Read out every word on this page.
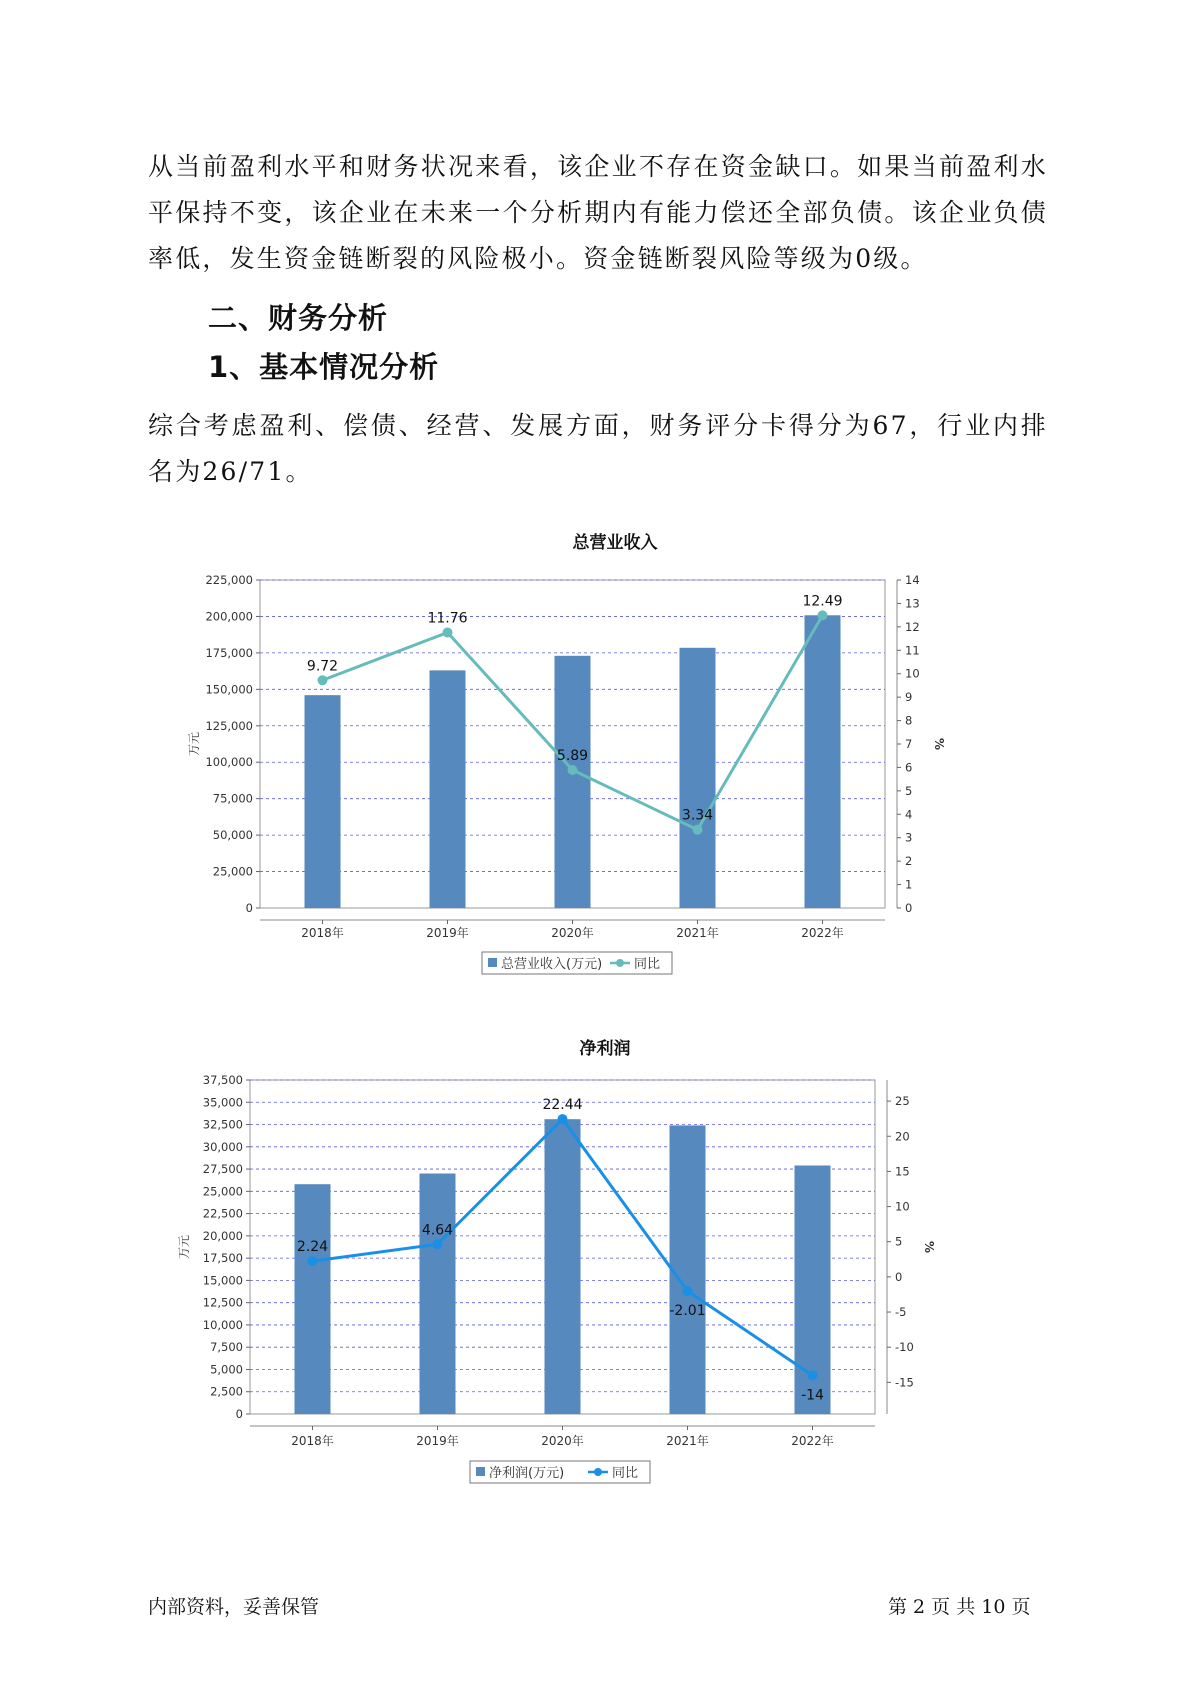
从当前盈利水平和财务状况来看，该企业不存在资金缺口。如果当前盈利水平保持不变，该企业在未来一个分析期内有能力偿还全部负债。该企业负债率低，发生资金链断裂的风险极小。资金链断裂风险等级为0级。

二、财务分析
1、基本情况分析

综合考虑盈利、偿债、经营、发展方面，财务评分卡得分为67，行业内排名为26/71。

总营业收入
0
25,000
50,000
75,000
100,000
125,000
150,000
175,000
200,000
225,000
0
1
2
3
4
5
6
7
8
9
10
11
12
13
14
万元	%
2018年	2019年	2020年	2021年	2022年
9.72
11.76
5.89
3.34
12.49
总营业收入(万元) 同比
净利润
0
2,500
5,000
7,500
10,000
12,500
15,000
17,500
20,000
22,500
25,000
27,500
30,000
32,500
35,000
37,500
-15
-10
-5
0
5
10
15
20
25
万元	%
2018年	2019年	2020年	2021年	2022年
2.24
4.64
22.44
-2.01
-14
净利润(万元)	同比
内部资料，妥善保管	第 2 页 共 10 页
